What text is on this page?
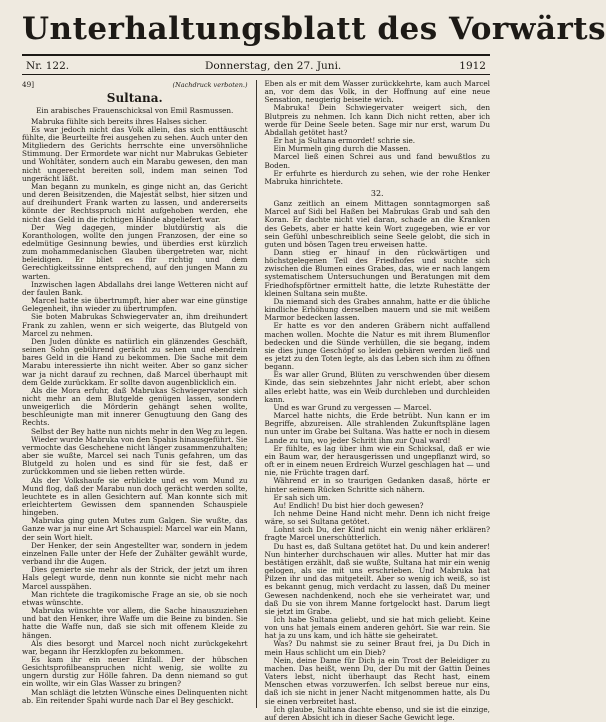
Unterhaltungsblatt des Vorwärts
Nr. 122.	Donnerstag, den 27. Juni.	1912
49]	(Nachdruck verboten.)
Sultana.
Ein arabisches Frauenschicksal von Emil Rasmussen.

Mabruka fühlte sich bereits ihres Halses sicher.

Es war jedoch nicht das Volk allein, das sich enttäuscht fühlte, die Beurteilte frei ausgehen zu sehen. Auch unter den Mitgliedern des Gerichts herrschte eine unversöhnliche Stimmung. Der Ermordete war nicht nur Mabrukas Gebieter und Wohltäter, sondern auch ein Marabu gewesen, den man nicht ungerecht bereiten soll, indem man seinen Tod ungerächt läßt.

Man begann zu munkeln, es ginge nicht an, das Gericht und deren Beisitzenden, die Majestät selbst, hier sitzen und auf dreihundert Frank warten zu lassen, und andererseits könnte der Rechtsspruch nicht aufgehoben werden, ehe nicht das Geld in die richtigen Hände abgeliefert war.

Der Weg dagegen, minder blutdürstig als die Koranthologen, wollte den jungen Franzosen, der eine so edelmütige Gesinnung bewies, und überdies erst kürzlich zum mohammedanischen Glauben übergetreten war, nicht beleidigen. Er bliet es für richtig und dem Gerechtigkeitssinne entsprechend, auf den jungen Mann zu warten.

Inzwischen lagen Abdallahs drei lange Wetteren nicht auf der faulen Bank.

Marcel hatte sie übertrumpft, hier aber war eine günstige Gelegenheit, ihn wieder zu übertrumpfen.

Sie boten Mabrukas Schwiegervater an, ihm dreihundert Frank zu zahlen, wenn er sich weigerte, das Blutgeld von Marcel zu nehmen.

Den Juden dünkte es natürlich ein glänzendes Geschäft, seinen Sohn gebührend gerächt zu sehen und ebendrein bares Geld in die Hand zu bekommen. Die Sache mit dem Marabu interessierte ihn nicht weiter. Aber so ganz sicher war ja nicht darauf zu rechnen, daß Marcel überhaupt mit dem Gelde zurückkam. Er sollte davon augenblicklich ein.

Als die Mora erfuhr, daß Mabrukas Schwiegervater sich nicht mehr an dem Blutgelde genügen lassen, sondern unweigerlich die Mörderin gehängt sehen wollte, beschleunigte man mit innerer Genugtuung den Gang des Rechts.

Selbst der Bey hatte nun nichts mehr in den Weg zu legen.

Wieder wurde Mabruka von den Spahis hinausgeführt. Sie vermochte das Geschehene nicht länger zusammenzuhalten; aber sie wußte, Marcel sei nach Tunis gefahren, um das Blutgeld zu holen und es sind für sie fest, daß er zurückkommen und sie lieben retten würde.

Als der Volkshaufe sie erblickte und es vom Mund zu Mund flog, daß der Marabu nun doch gerächt werden sollte, leuchtete es in allen Gesichtern auf. Man konnte sich mit erleichtertem Gewissen dem spannenden Schauspiele hingeben.

Mabruka ging guten Mutes zum Galgen. Sie wußte, das Ganze war ja nur eine Art Schauspiel: Marcel war ein Mann, der sein Wort hielt.

Der Henker, der sein Angestellter war, sondern in jedem einzelnen Falle unter der Hefe der Zuhälter gewählt wurde, verband ihr die Augen.

Dies genierte sie mehr als der Strick, der jetzt um ihren Hals gelegt wurde, denn nun konnte sie nicht mehr nach Marcel ausspähen.

Man richtete die tragikomische Frage an sie, ob sie noch etwas wünschte.

Mabruka wünschte vor allem, die Sache hinauszuziehen und bat den Henker, ihre Waffe um die Beine zu binden. Sie hatte die Waffe nun, daß sie sich mit offenem Kleide zu hängen.

Als dies besorgt und Marcel noch nicht zurückgekehrt war, begann ihr Herzklopfen zu bekommen.

Es kam ihr ein neuer Einfall. Der der hübschen Gesichtsprofilbeanspruchen nicht wenig, sie wollte zu ungern durstig zur Hölle fahren. Da denn niemand so gut ein wollte, wir ein Glas Wasser zu bringen?

Man schlägt die letzten Wünsche eines Delinquenten nicht ab. Ein reitender Spahi wurde nach Dar el Bey geschickt.

Eben als er mit dem Wasser zurückkehrte, kam auch Marcel an, vor dem das Volk, in der Hoffnung auf eine neue Sensation, neugierig beiseite wich.

Mabruka! Dein Schwiegervater weigert sich, den Blutpreis zu nehmen. Ich kann Dich nicht retten, aber ich werde für Deine Seele beten. Sage mir nur erst, warum Du Abdallah getötet hast?

Er hat ja Sultana ermordet! schrie sie.

Ein Murmeln ging durch die Massen.

Marcel ließ einen Schrei aus und fand bewußtlos zu Boden.

Er erfuhrte es hierdurch zu sehen, wie der rohe Henker Mabruka hinrichtete.

32.

Ganz zeitlich an einem Mittagen sonntagmorgen saß Marcel auf Sidi bel Haßen bei Mabrukas Grab und sah den Koran. Er dachte nicht viel daran, schade an die Kranken des Gebets, aber er hatte kein Wort zugegeben, wie er vor sein Gefühl unbeschreiblich seine Seele gelobt, die sich in guten und bösen Tagen treu erweisen hatte.

Dann stieg er hinauf in den rückwärtigen und höchstgelegenen Teil des Friedhofes und suchte sich zwischen die Blumen eines Grabes, das, wie er nach langem systematischem Untersuchungen und Beratungen mit dem Friedhofspförtner ermittelt hatte, die letzte Ruhestätte der kleinen Sultana sein mußte.

Da niemand sich des Grabes annahm, hatte er die übliche kindliche Erhöhung derselben mauern und sie mit weißem Marmor bedecken lassen.

Er hatte es vor den anderen Gräbern nicht auffallend machen wollen. Mochte die Natur es mit ihrem Blumenflor bedecken und die Sünde verhüllen, die sie begang, indem sie dies junge Geschöpf so leiden gebären werden ließ und es jetzt zu den Toten legte, als das Leben sich ihm zu öffnen begann.

Es war aller Grund, Blüten zu verschwenden über diesem Kinde, das sein siebzehntes Jahr nicht erlebt, aber schon alles erlebt hatte, was ein Weib durchleben und durchleiden kann.

Und es war Grund zu vergessen — Marcel.

Marcel hatte nichts, die Erde betrübt. Nun kann er im Begriffe, abzureisen. Alle strahlenden Zukunftspläne lagen nun unter im Grabe bei Sultana. Was hatte er noch in diesem Lande zu tun, wo jeder Schritt ihm zur Qual ward!

Er fühlte, es lag über ihm wie ein Schicksal, daß er wie ein Baum war, der herausgerissen und ungepflanzt wird, so oft er in einem neuen Erdreich Wurzel geschlagen hat — und nie, nie Früchte tragen darf.

Während er in so traurigen Gedanken dasaß, hörte er hinter seinem Rücken Schritte sich nähern.

Er sah sich um.

Au! Endlich! Du bist hier doch gewesen?

Ich nehme Deine Hand nicht mehr. Denn ich nicht freige wäre, so sei Sultana getötet.

Lohnt sich Du, der Kind nicht ein wenig näher erklären? fragte Marcel unerschütterlich.

Du hast es, daß Sultana getötet hat. Du und kein anderer! Nun hinterher durchschauen wir alles. Mutter hat mir das bestätigen erzählt, daß sie wußte, Sultana hat mir ein wenig gelogen, als sie mit uns erschrieben. Und Mabruka hat Pilzen ihr und das mitgeteilt. Aber so wenig ich weiß, so ist es bekannt genug, mich verdacht zu lassen, daß Du meiner Gewesen nachdenkend, noch ehe sie verheiratet war, und daß Du sie von ihrem Manne fortgelockt hast. Darum liegt sie jetzt im Grabe.

Ich habe Sultana geliebt, und sie hat mich geliebt. Keine von uns hat jemals einem anderen gehört. Sie war rein. Sie hat ja zu uns kam, und ich hätte sie geheiratet.

Was? Du nahmst sie zu seiner Braut frei, ja Du Dich in mein Haus schlicht um ein Dieb?

Nein, deine Dame für Dich ja ein Trost der Beleidiger zu machen. Das heißt, wenn Du, der Du mit der Gattin Deines Vaters lebst, nicht überhaupt das Recht hast, einem Menschen etwas vorzuwerfen. Ich selbst bereue nur eins, daß ich sie nicht in jener Nacht mitgenommen hatte, als Du sie einen verbreitet hast.

Ich glaube, Sultana dachte ebenso, und sie ist die einzige, auf deren Absicht ich in dieser Sache Gewicht lege.
